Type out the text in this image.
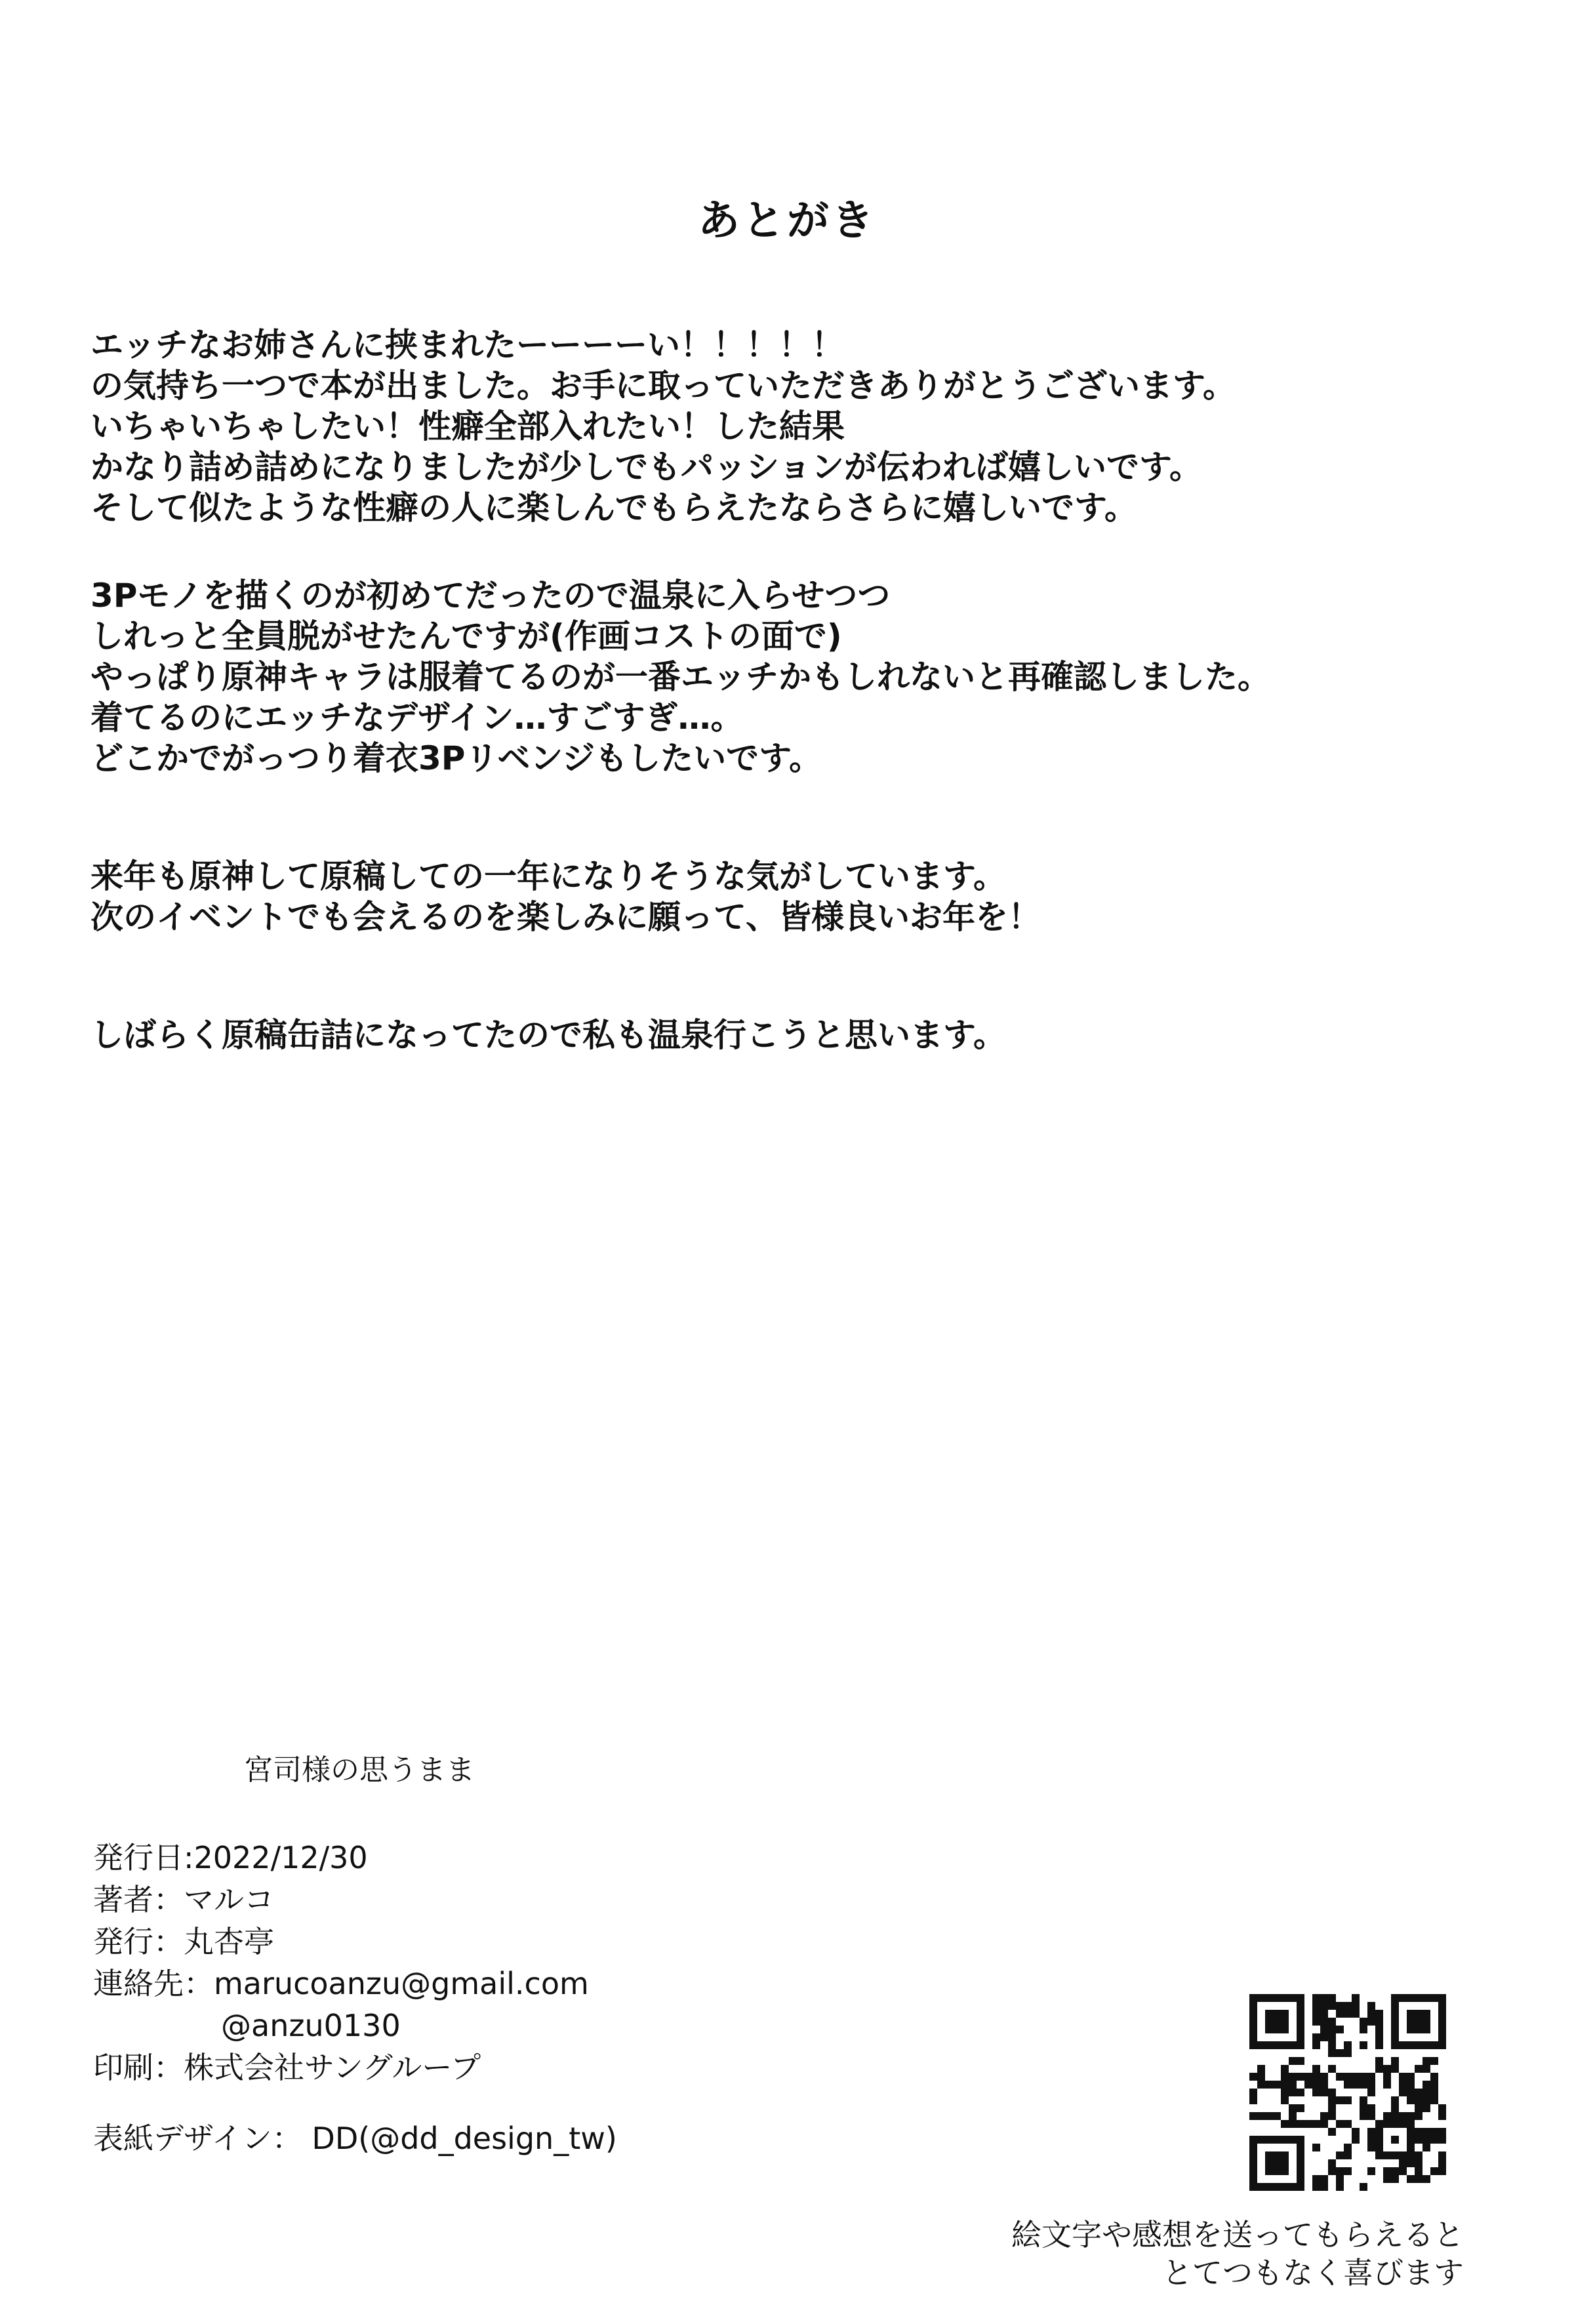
あとがき

エッチなお姉さんに挟まれたーーーーい！！！！！
の気持ち一つで本が出ました。お手に取っていただきありがとうございます。
いちゃいちゃしたい！性癖全部入れたい！した結果
かなり詰め詰めになりましたが少しでもパッションが伝われば嬉しいです。
そして似たような性癖の人に楽しんでもらえたならさらに嬉しいです。

3Pモノを描くのが初めてだったので温泉に入らせつつ
しれっと全員脱がせたんですが(作画コストの面で)
やっぱり原神キャラは服着てるのが一番エッチかもしれないと再確認しました。
着てるのにエッチなデザイン…すごすぎ…。
どこかでがっつり着衣3Pリベンジもしたいです。

来年も原神して原稿しての一年になりそうな気がしています。
次のイベントでも会えるのを楽しみに願って、皆様良いお年を！

しばらく原稿缶詰になってたので私も温泉行こうと思います。

宮司様の思うまま
発行日:2022/12/30
著者：マルコ
発行：丸杏亭
連絡先：marucoanzu@gmail.com
@anzu0130
印刷：株式会社サングループ
表紙デザイン： DD(@dd_design_tw)
絵文字や感想を送ってもらえると
とてつもなく喜びます
